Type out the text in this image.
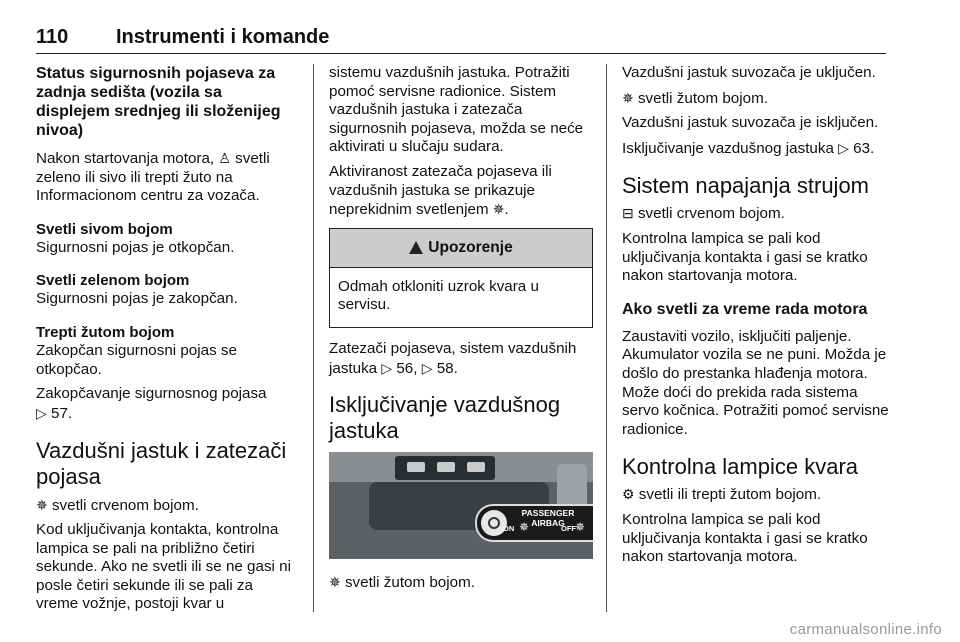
110 Instrumenti i komande
Status sigurnosnih pojaseva za zadnja sedišta (vozila sa displejem srednjeg ili složenijeg nivoa)

Nakon startovanja motora, ♙ svetli zeleno ili sivo ili trepti žuto na Informacionom centru za vozača.

Svetli sivom bojom

Sigurnosni pojas je otkopčan.

Svetli zelenom bojom

Sigurnosni pojas je zakopčan.

Trepti žutom bojom

Zakopčan sigurnosni pojas se otkopčao.

Zakopčavanje sigurnosnog pojasa
▷ 57.

Vazdušni jastuk i zatezači pojasa

✵ svetli crvenom bojom.

Kod uključivanja kontakta, kontrolna lampica se pali na približno četiri sekunde. Ako ne svetli ili se ne gasi ni posle četiri sekunde ili se pali za vreme vožnje, postoji kvar u

sistemu vazdušnih jastuka. Potražiti pomoć servisne radionice. Sistem vazdušnih jastuka i zatezača sigurnosnih pojaseva, možda se neće aktivirati u slučaju sudara.

Aktiviranost zatezača pojaseva ili vazdušnih jastuka se prikazuje neprekidnim svetlenjem ✵.

Upozorenje

Odmah otkloniti uzrok kvara u servisu.

Zatezači pojaseva, sistem vazdušnih jastuka ▷ 56, ▷ 58.

Isključivanje vazdušnog jastuka
PASSENGER AIRBAG
ON ✵	OFF ✵

✵ svetli žutom bojom.

Vazdušni jastuk suvozača je uključen.

✵ svetli žutom bojom.

Vazdušni jastuk suvozača je isključen.

Isključivanje vazdušnog jastuka ▷ 63.

Sistem napajanja strujom

⊟ svetli crvenom bojom.

Kontrolna lampica se pali kod uključivanja kontakta i gasi se kratko nakon startovanja motora.

Ako svetli za vreme rada motora

Zaustaviti vozilo, isključiti paljenje. Akumulator vozila se ne puni. Možda je došlo do prestanka hlađenja motora. Može doći do prekida rada sistema servo kočnica. Potražiti pomoć servisne radionice.

Kontrolna lampice kvara

⚙ svetli ili trepti žutom bojom.

Kontrolna lampica se pali kod uključivanja kontakta i gasi se kratko nakon startovanja motora.

carmanualsonline.info
